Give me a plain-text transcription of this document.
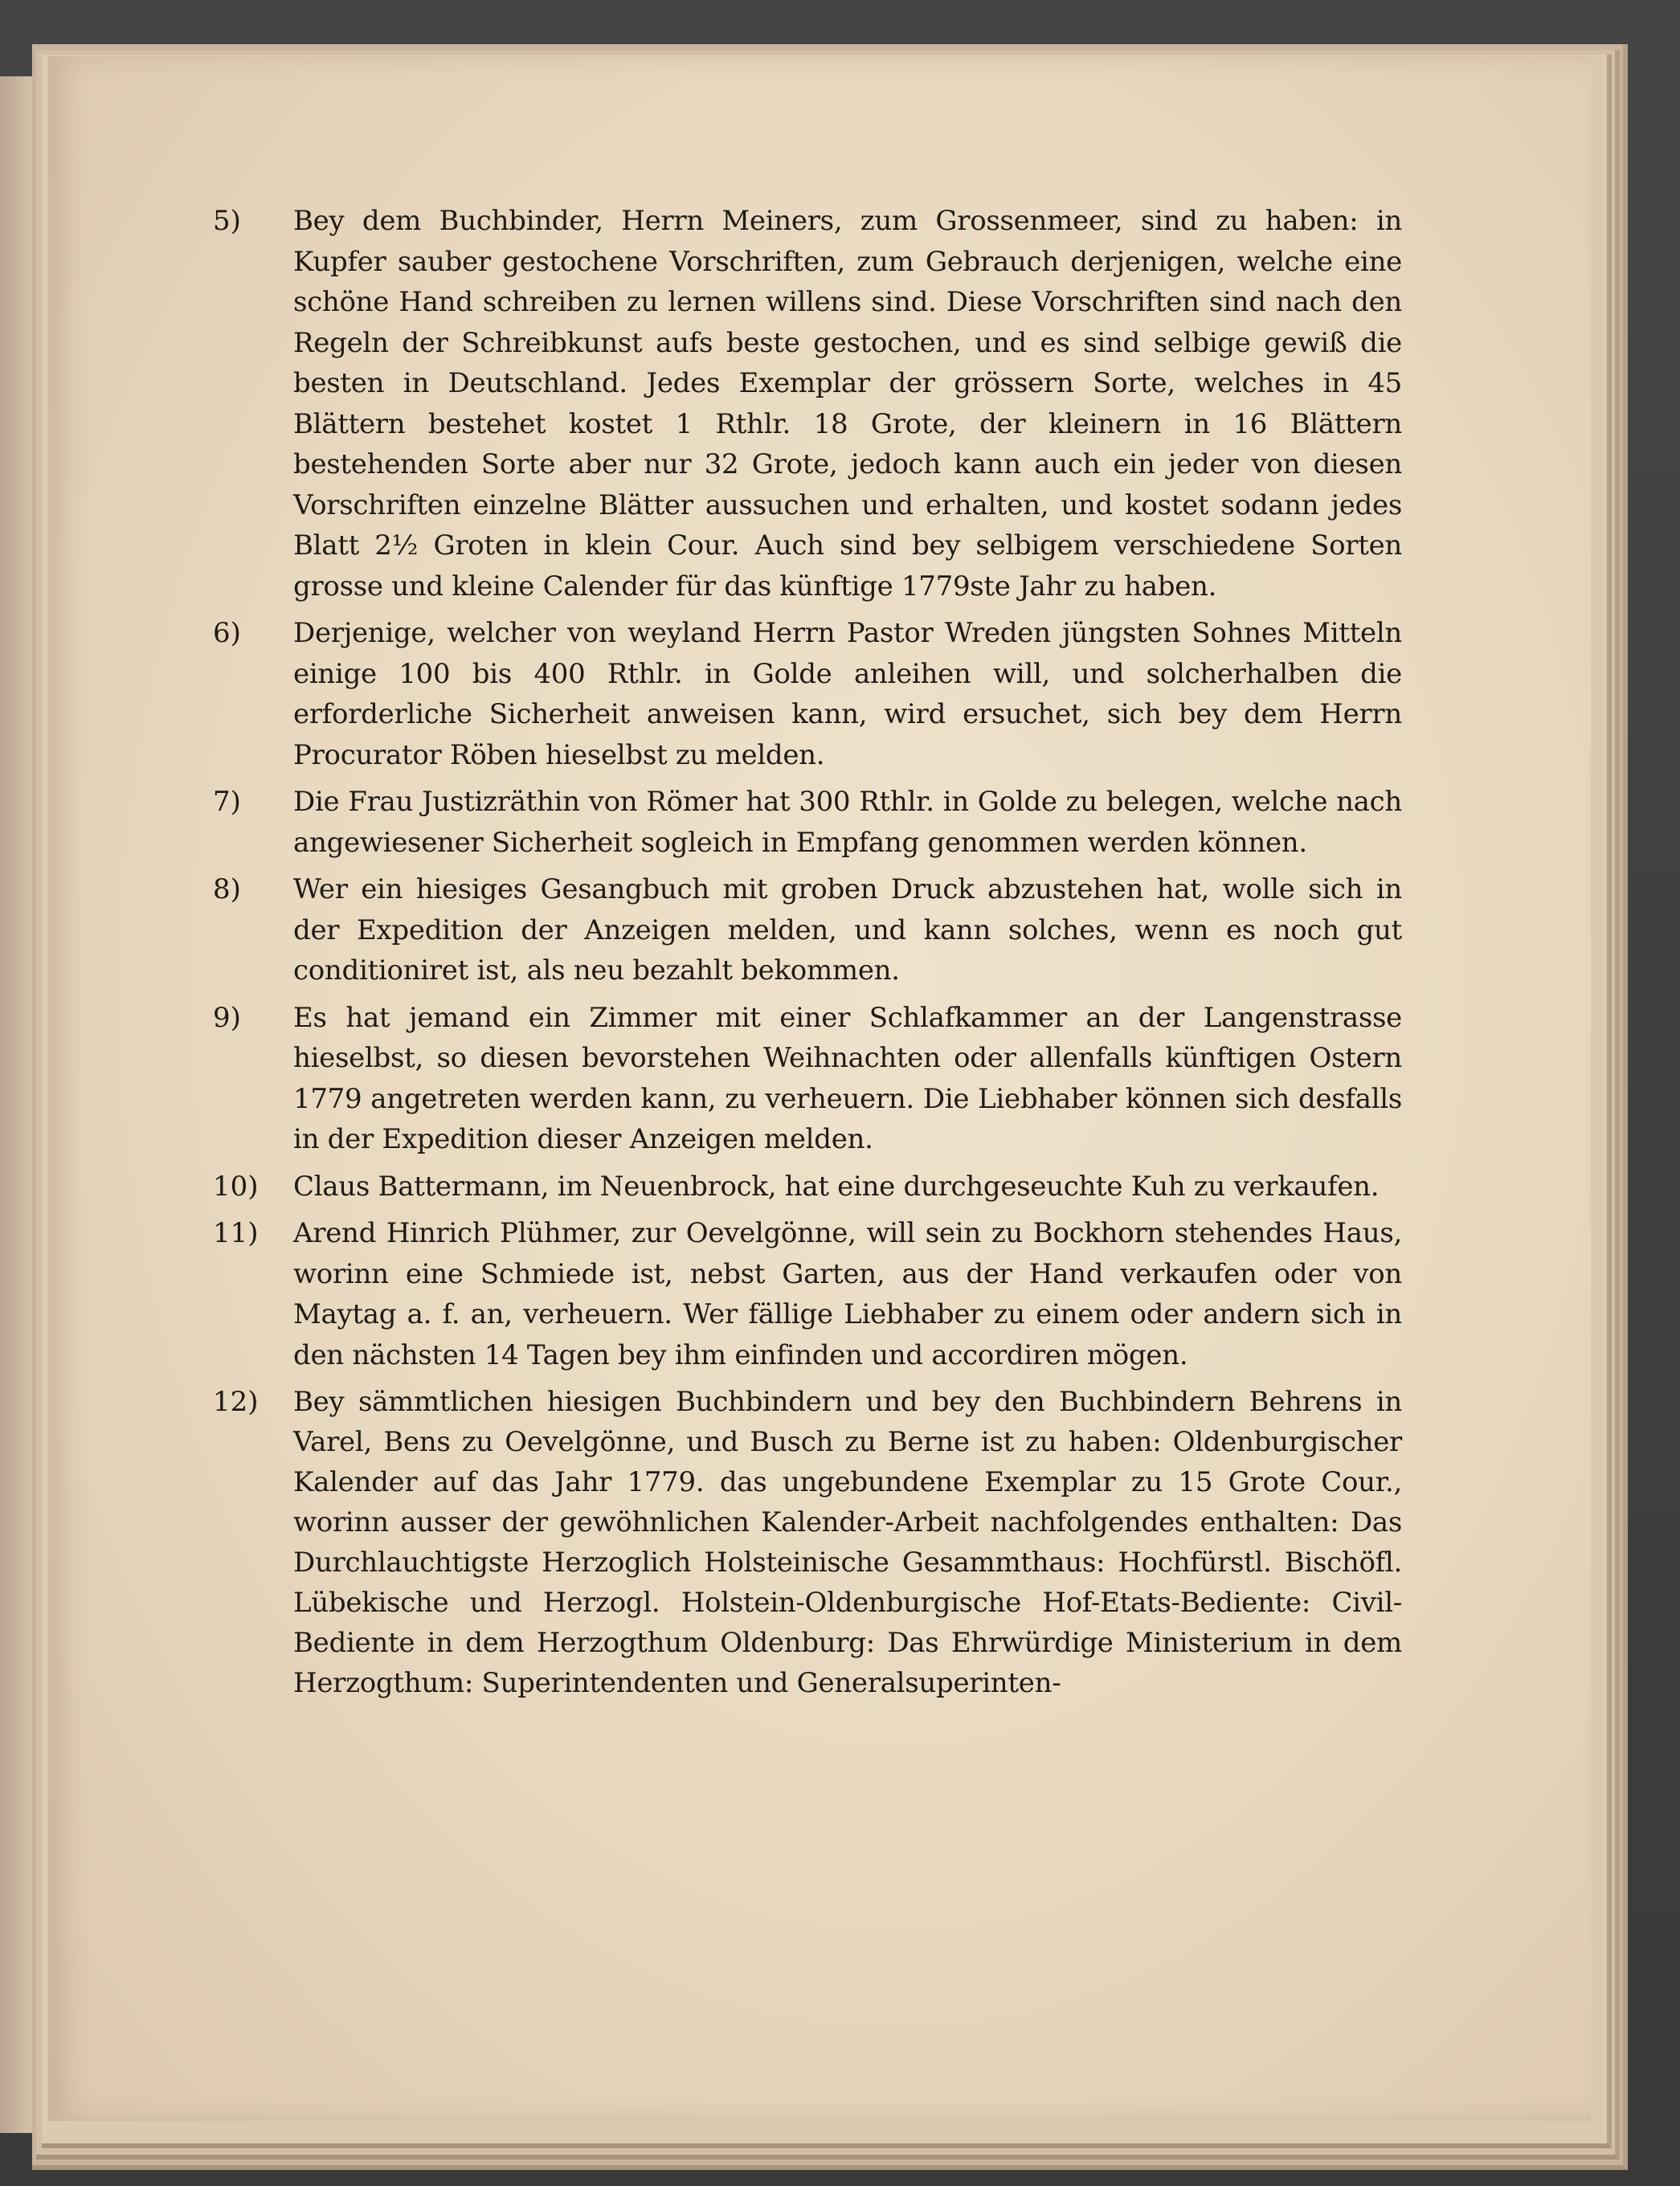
5)	Bey dem Buchbinder, Herrn Meiners, zum Grossenmeer, sind zu haben: in Kupfer sauber gestochene Vorschriften, zum Gebrauch derjenigen, welche eine schöne Hand schreiben zu lernen willens sind. Diese Vorschriften sind nach den Regeln der Schreibkunst aufs beste gestochen, und es sind selbige gewiß die besten in Deutschland. Jedes Exemplar der grössern Sorte, welches in 45 Blättern bestehet kostet 1 Rthlr. 18 Grote, der kleinern in 16 Blättern bestehenden Sorte aber nur 32 Grote, jedoch kann auch ein jeder von diesen Vorschriften einzelne Blätter aussuchen und erhalten, und kostet sodann jedes Blatt 2½ Groten in klein Cour. Auch sind bey selbigem verschiedene Sorten grosse und kleine Calender für das künftige 1779ste Jahr zu haben.
6)	Derjenige, welcher von weyland Herrn Pastor Wreden jüngsten Sohnes Mitteln einige 100 bis 400 Rthlr. in Golde anleihen will, und solcherhalben die erforderliche Sicherheit anweisen kann, wird ersuchet, sich bey dem Herrn Procurator Röben hieselbst zu melden.
7)	Die Frau Justizräthin von Römer hat 300 Rthlr. in Golde zu belegen, welche nach angewiesener Sicherheit sogleich in Empfang genommen werden können.
8)	Wer ein hiesiges Gesangbuch mit groben Druck abzustehen hat, wolle sich in der Expedition der Anzeigen melden, und kann solches, wenn es noch gut conditioniret ist, als neu bezahlt bekommen.
9)	Es hat jemand ein Zimmer mit einer Schlafkammer an der Langenstrasse hieselbst, so diesen bevorstehen Weihnachten oder allenfalls künftigen Ostern 1779 angetreten werden kann, zu verheuern. Die Liebhaber können sich desfalls in der Expedition dieser Anzeigen melden.
10)	Claus Battermann, im Neuenbrock, hat eine durchgeseuchte Kuh zu verkaufen.
11)	Arend Hinrich Plühmer, zur Oevelgönne, will sein zu Bockhorn stehendes Haus, worinn eine Schmiede ist, nebst Garten, aus der Hand verkaufen oder von Maytag a. f. an, verheuern. Wer fällige Liebhaber zu einem oder andern sich in den nächsten 14 Tagen bey ihm einfinden und accordiren mögen.
12)	Bey sämmtlichen hiesigen Buchbindern und bey den Buchbindern Behrens in Varel, Bens zu Oevelgönne, und Busch zu Berne ist zu haben: Oldenburgischer Kalender auf das Jahr 1779. das ungebundene Exemplar zu 15 Grote Cour., worinn ausser der gewöhnlichen Kalender-Arbeit nachfolgendes enthalten: Das Durchlauchtigste Herzoglich Holsteinische Gesammthaus: Hochfürstl. Bischöfl. Lübekische und Herzogl. Holstein-Oldenburgische Hof-Etats-Bediente: Civil-Bediente in dem Herzogthum Oldenburg: Das Ehrwürdige Ministerium in dem Herzogthum: Superintendenten und Generalsuperinten-
